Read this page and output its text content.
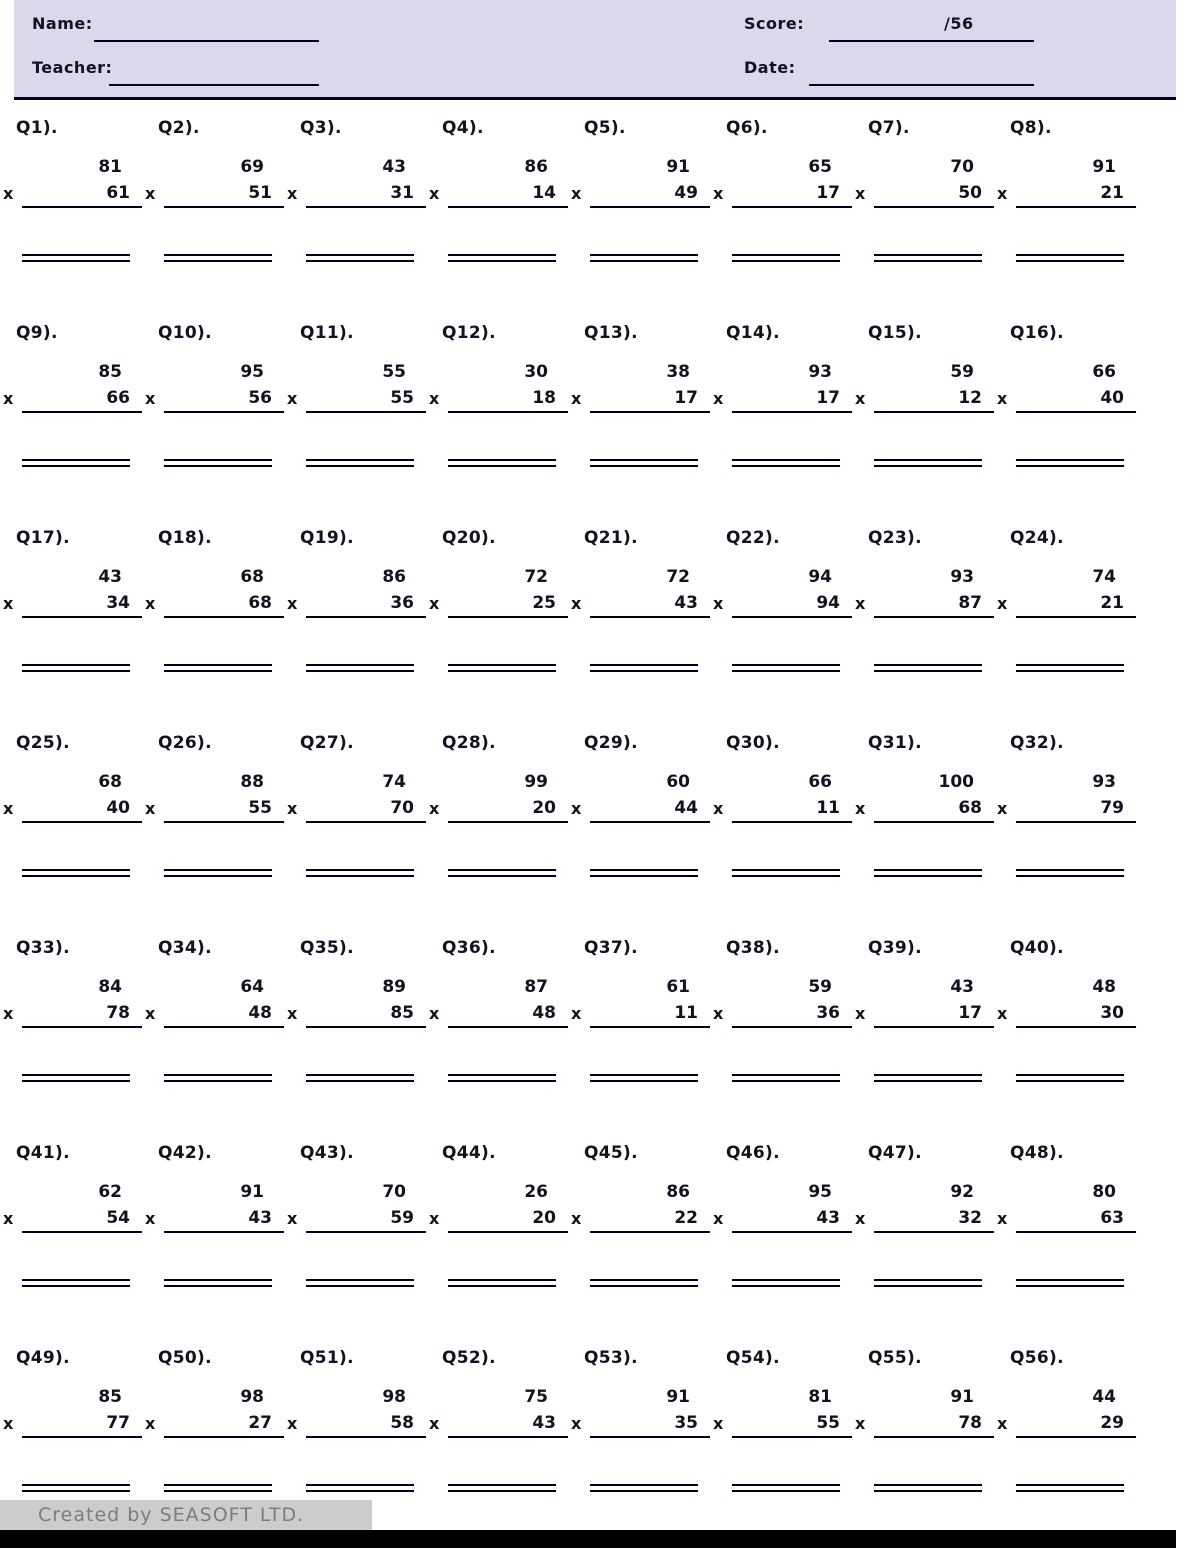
Name:
Teacher:
Score:	/56
Date:
Q1).
81
x	61
Q2).
69
x	51
Q3).
43
x	31
Q4).
86
x	14
Q5).
91
x	49
Q6).
65
x	17
Q7).
70
x	50
Q8).
91
x	21
Q9).
85
x	66
Q10).
95
x	56
Q11).
55
x	55
Q12).
30
x	18
Q13).
38
x	17
Q14).
93
x	17
Q15).
59
x	12
Q16).
66
x	40
Q17).
43
x	34
Q18).
68
x	68
Q19).
86
x	36
Q20).
72
x	25
Q21).
72
x	43
Q22).
94
x	94
Q23).
93
x	87
Q24).
74
x	21
Q25).
68
x	40
Q26).
88
x	55
Q27).
74
x	70
Q28).
99
x	20
Q29).
60
x	44
Q30).
66
x	11
Q31).
100
x	68
Q32).
93
x	79
Q33).
84
x	78
Q34).
64
x	48
Q35).
89
x	85
Q36).
87
x	48
Q37).
61
x	11
Q38).
59
x	36
Q39).
43
x	17
Q40).
48
x	30
Q41).
62
x	54
Q42).
91
x	43
Q43).
70
x	59
Q44).
26
x	20
Q45).
86
x	22
Q46).
95
x	43
Q47).
92
x	32
Q48).
80
x	63
Q49).
85
x	77
Q50).
98
x	27
Q51).
98
x	58
Q52).
75
x	43
Q53).
91
x	35
Q54).
81
x	55
Q55).
91
x	78
Q56).
44
x	29
Created by SEASOFT LTD.
